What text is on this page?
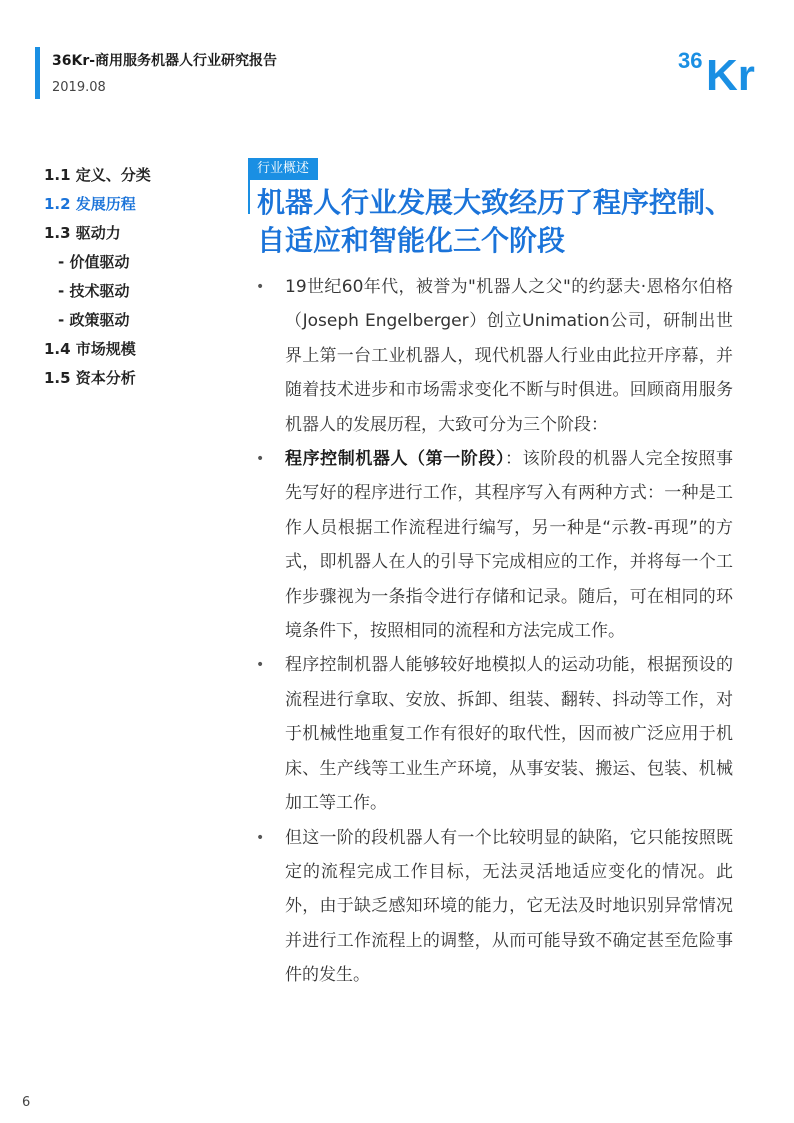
36Kr-商用服务机器人行业研究报告
2019.08
36 Kr
1.1 定义、分类
1.2 发展历程
1.3 驱动力
- 价值驱动
- 技术驱动
- 政策驱动
1.4 市场规模
1.5 资本分析
行业概述
机器人行业发展大致经历了程序控制、自适应和智能化三个阶段
• 19世纪60年代，被誉为"机器人之父"的约瑟夫·恩格尔伯格（Joseph Engelberger）创立Unimation公司，研制出世界上第一台工业机器人，现代机器人行业由此拉开序幕，并随着技术进步和市场需求变化不断与时俱进。回顾商用服务机器人的发展历程，大致可分为三个阶段：
• 程序控制机器人（第一阶段）：该阶段的机器人完全按照事先写好的程序进行工作，其程序写入有两种方式：一种是工作人员根据工作流程进行编写，另一种是“示教-再现”的方式，即机器人在人的引导下完成相应的工作，并将每一个工作步骤视为一条指令进行存储和记录。随后，可在相同的环境条件下，按照相同的流程和方法完成工作。
• 程序控制机器人能够较好地模拟人的运动功能，根据预设的流程进行拿取、安放、拆卸、组装、翻转、抖动等工作，对于机械性地重复工作有很好的取代性，因而被广泛应用于机床、生产线等工业生产环境，从事安装、搬运、包装、机械加工等工作。
• 但这一阶的段机器人有一个比较明显的缺陷，它只能按照既定的流程完成工作目标，无法灵活地适应变化的情况。此外，由于缺乏感知环境的能力，它无法及时地识别异常情况并进行工作流程上的调整，从而可能导致不确定甚至危险事件的发生。
6
